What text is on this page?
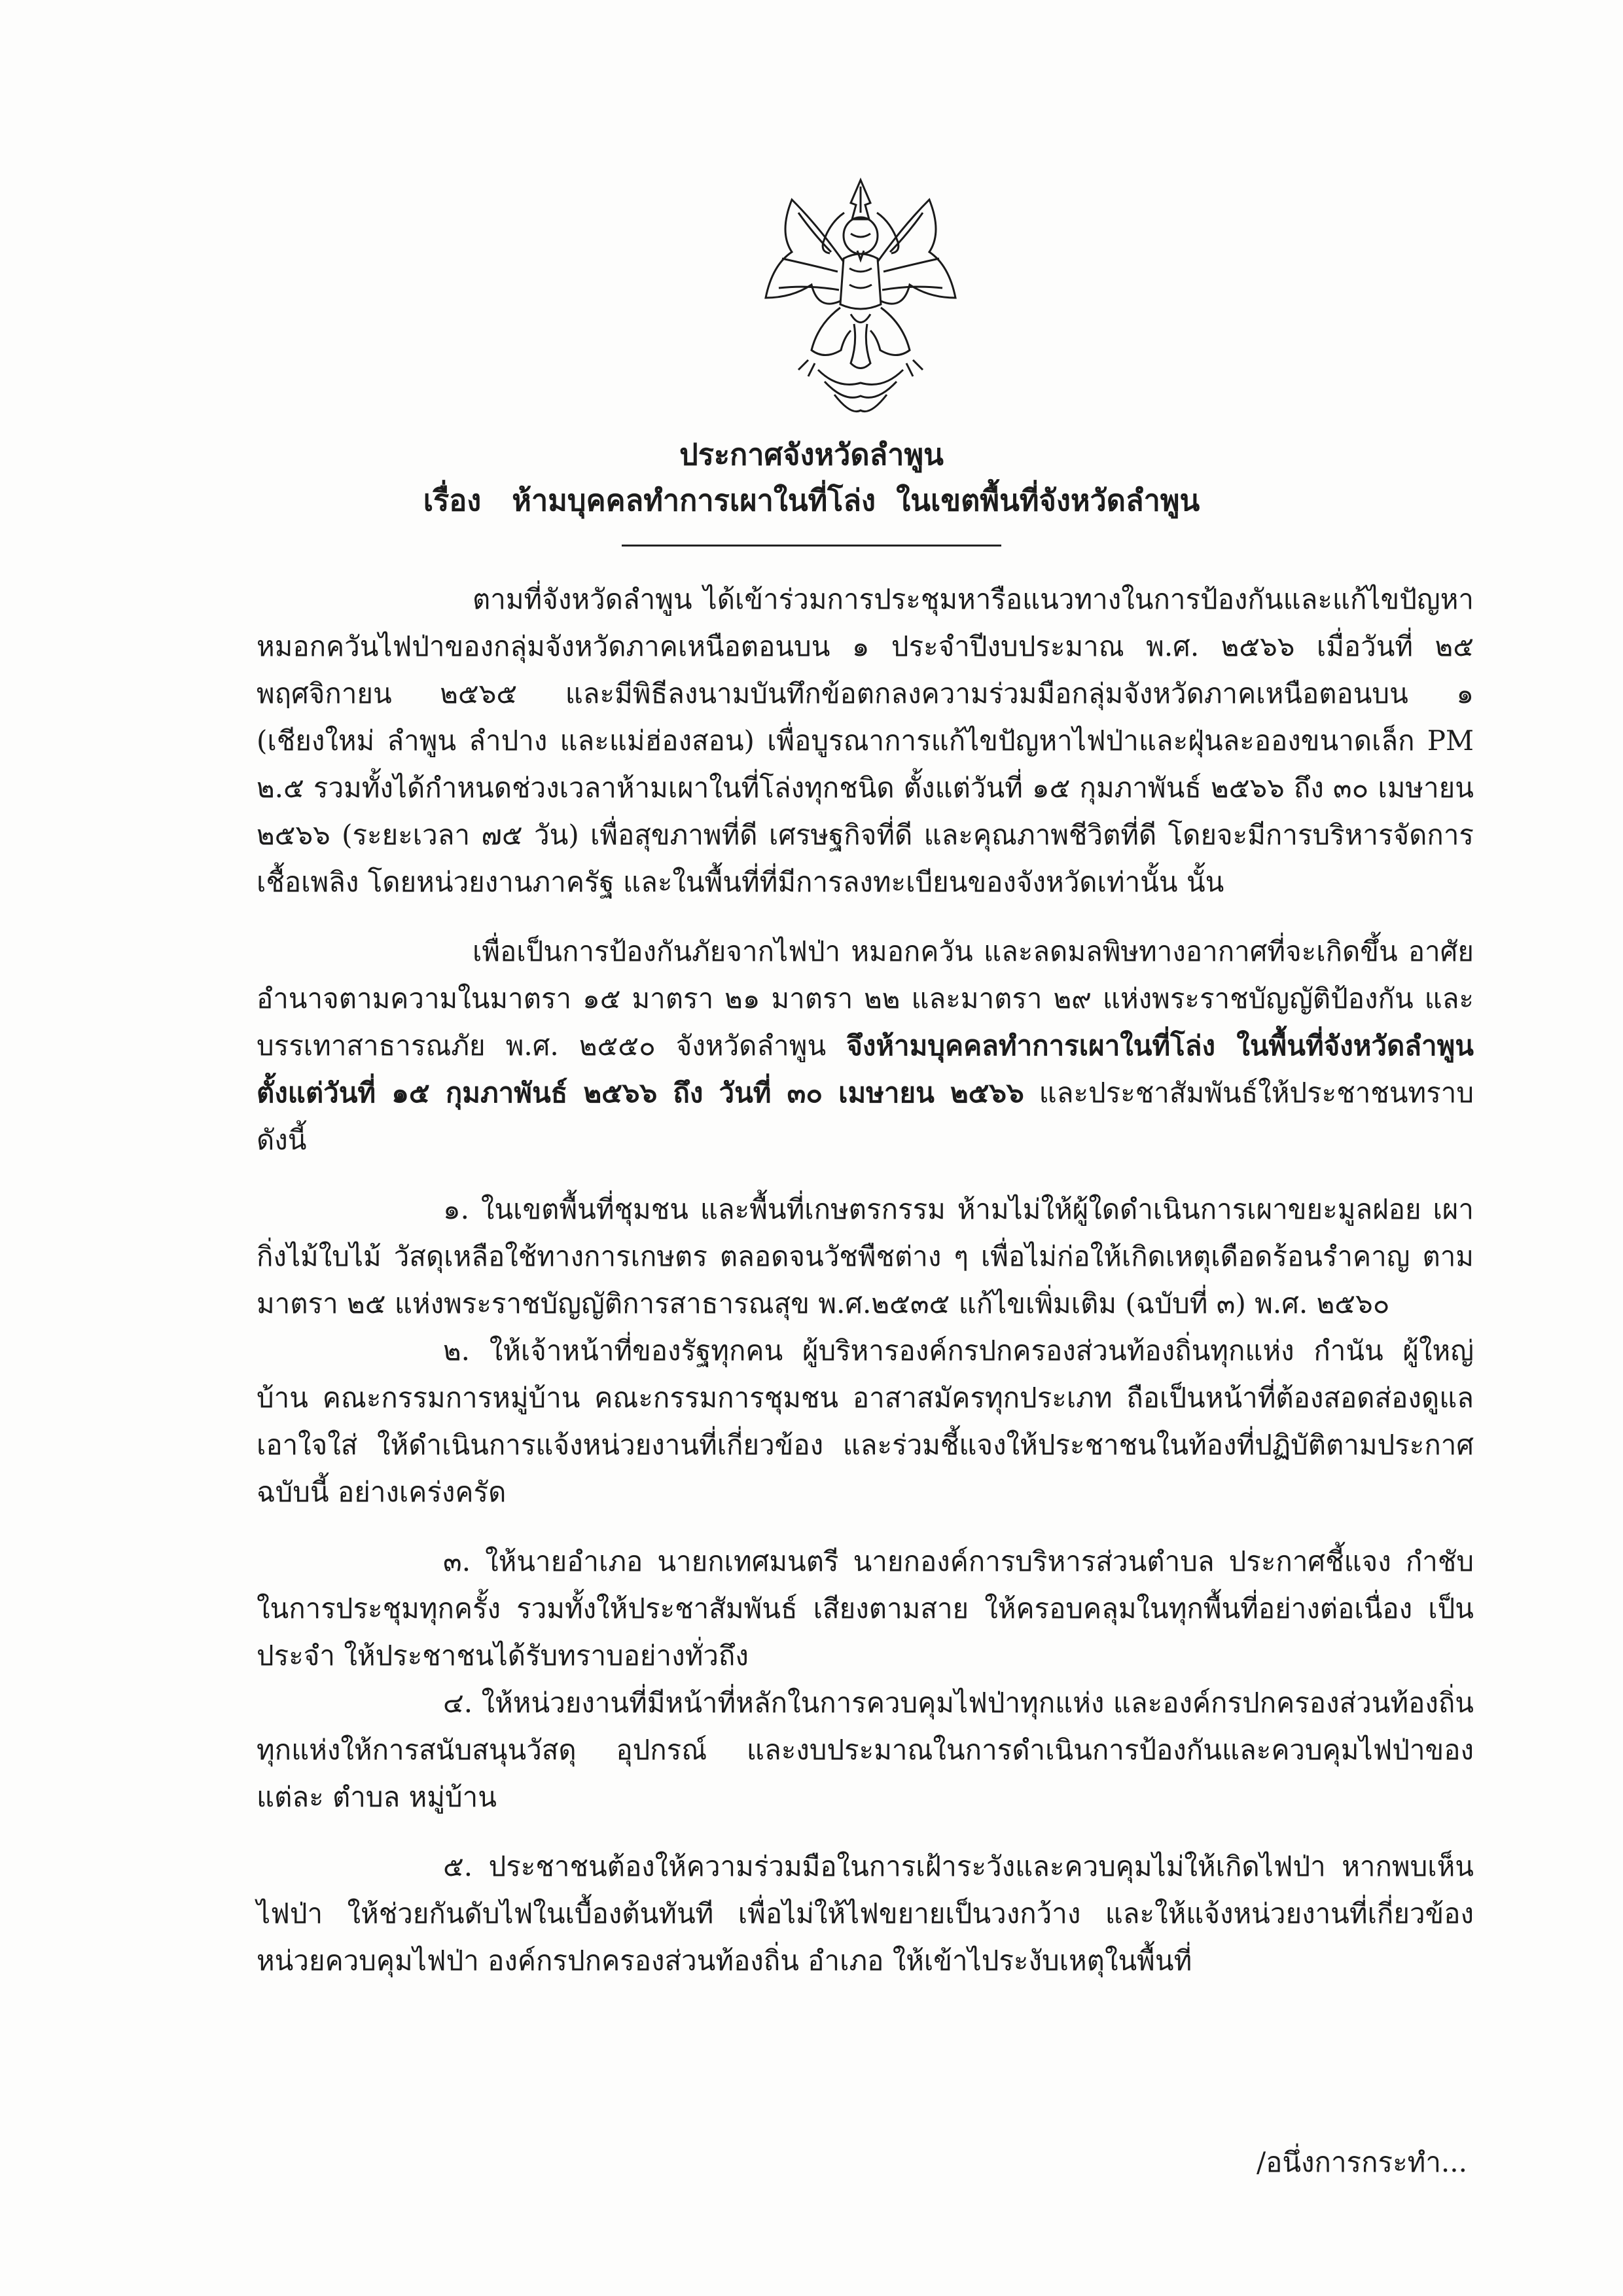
ประกาศจังหวัดลำพูน
เรื่อง   ห้ามบุคคลทำการเผาในที่โล่ง  ในเขตพื้นที่จังหวัดลำพูน

ตามที่จังหวัดลำพูน ได้เข้าร่วมการประชุมหารือแนวทางในการป้องกันและแก้ไขปัญหา หมอกควันไฟป่าของกลุ่มจังหวัดภาคเหนือตอนบน ๑ ประจำปีงบประมาณ พ.ศ. ๒๕๖๖ เมื่อวันที่ ๒๕ พฤศจิกายน ๒๕๖๕ และมีพิธีลงนามบันทึกข้อตกลงความร่วมมือกลุ่มจังหวัดภาคเหนือตอนบน ๑ (เชียงใหม่ ลำพูน ลำปาง และแม่ฮ่องสอน) เพื่อบูรณาการแก้ไขปัญหาไฟป่าและฝุ่นละอองขนาดเล็ก PM ๒.๕ รวมทั้งได้กำหนดช่วงเวลาห้ามเผาในที่โล่งทุกชนิด ตั้งแต่วันที่ ๑๕ กุมภาพันธ์ ๒๕๖๖ ถึง ๓๐ เมษายน ๒๕๖๖ (ระยะเวลา ๗๕ วัน) เพื่อสุขภาพที่ดี เศรษฐกิจที่ดี และคุณภาพชีวิตที่ดี โดยจะมีการบริหารจัดการเชื้อเพลิง โดยหน่วยงานภาครัฐ และในพื้นที่ที่มีการลงทะเบียนของจังหวัดเท่านั้น นั้น

เพื่อเป็นการป้องกันภัยจากไฟป่า หมอกควัน และลดมลพิษทางอากาศที่จะเกิดขึ้น อาศัยอำนาจตามความในมาตรา ๑๕ มาตรา ๒๑ มาตรา ๒๒ และมาตรา ๒๙ แห่งพระราชบัญญัติป้องกัน และบรรเทาสาธารณภัย พ.ศ. ๒๕๕๐ จังหวัดลำพูน จึงห้ามบุคคลทำการเผาในที่โล่ง ในพื้นที่จังหวัดลำพูน ตั้งแต่วันที่ ๑๕ กุมภาพันธ์ ๒๕๖๖ ถึง วันที่ ๓๐ เมษายน ๒๕๖๖ และประชาสัมพันธ์ให้ประชาชนทราบ ดังนี้

๑. ในเขตพื้นที่ชุมชน และพื้นที่เกษตรกรรม ห้ามไม่ให้ผู้ใดดำเนินการเผาขยะมูลฝอย เผากิ่งไม้ใบไม้ วัสดุเหลือใช้ทางการเกษตร ตลอดจนวัชพืชต่าง ๆ เพื่อไม่ก่อให้เกิดเหตุเดือดร้อนรำคาญ ตามมาตรา ๒๕ แห่งพระราชบัญญัติการสาธารณสุข พ.ศ.๒๕๓๕ แก้ไขเพิ่มเติม (ฉบับที่ ๓) พ.ศ. ๒๕๖๐

๒. ให้เจ้าหน้าที่ของรัฐทุกคน ผู้บริหารองค์กรปกครองส่วนท้องถิ่นทุกแห่ง กำนัน ผู้ใหญ่บ้าน คณะกรรมการหมู่บ้าน คณะกรรมการชุมชน อาสาสมัครทุกประเภท ถือเป็นหน้าที่ต้องสอดส่องดูแลเอาใจใส่ ให้ดำเนินการแจ้งหน่วยงานที่เกี่ยวข้อง และร่วมชี้แจงให้ประชาชนในท้องที่ปฏิบัติตามประกาศฉบับนี้ อย่างเคร่งครัด

๓. ให้นายอำเภอ นายกเทศมนตรี นายกองค์การบริหารส่วนตำบล ประกาศชี้แจง กำชับ ในการประชุมทุกครั้ง รวมทั้งให้ประชาสัมพันธ์ เสียงตามสาย ให้ครอบคลุมในทุกพื้นที่อย่างต่อเนื่อง เป็นประจำ ให้ประชาชนได้รับทราบอย่างทั่วถึง

๔. ให้หน่วยงานที่มีหน้าที่หลักในการควบคุมไฟป่าทุกแห่ง และองค์กรปกครองส่วนท้องถิ่น ทุกแห่งให้การสนับสนุนวัสดุ อุปกรณ์ และงบประมาณในการดำเนินการป้องกันและควบคุมไฟป่าของแต่ละ ตำบล หมู่บ้าน

๕. ประชาชนต้องให้ความร่วมมือในการเฝ้าระวังและควบคุมไม่ให้เกิดไฟป่า หากพบเห็นไฟป่า ให้ช่วยกันดับไฟในเบื้องต้นทันที เพื่อไม่ให้ไฟขยายเป็นวงกว้าง และให้แจ้งหน่วยงานที่เกี่ยวข้อง หน่วยควบคุมไฟป่า องค์กรปกครองส่วนท้องถิ่น อำเภอ ให้เข้าไประงับเหตุในพื้นที่

/อนึ่งการกระทำ...
